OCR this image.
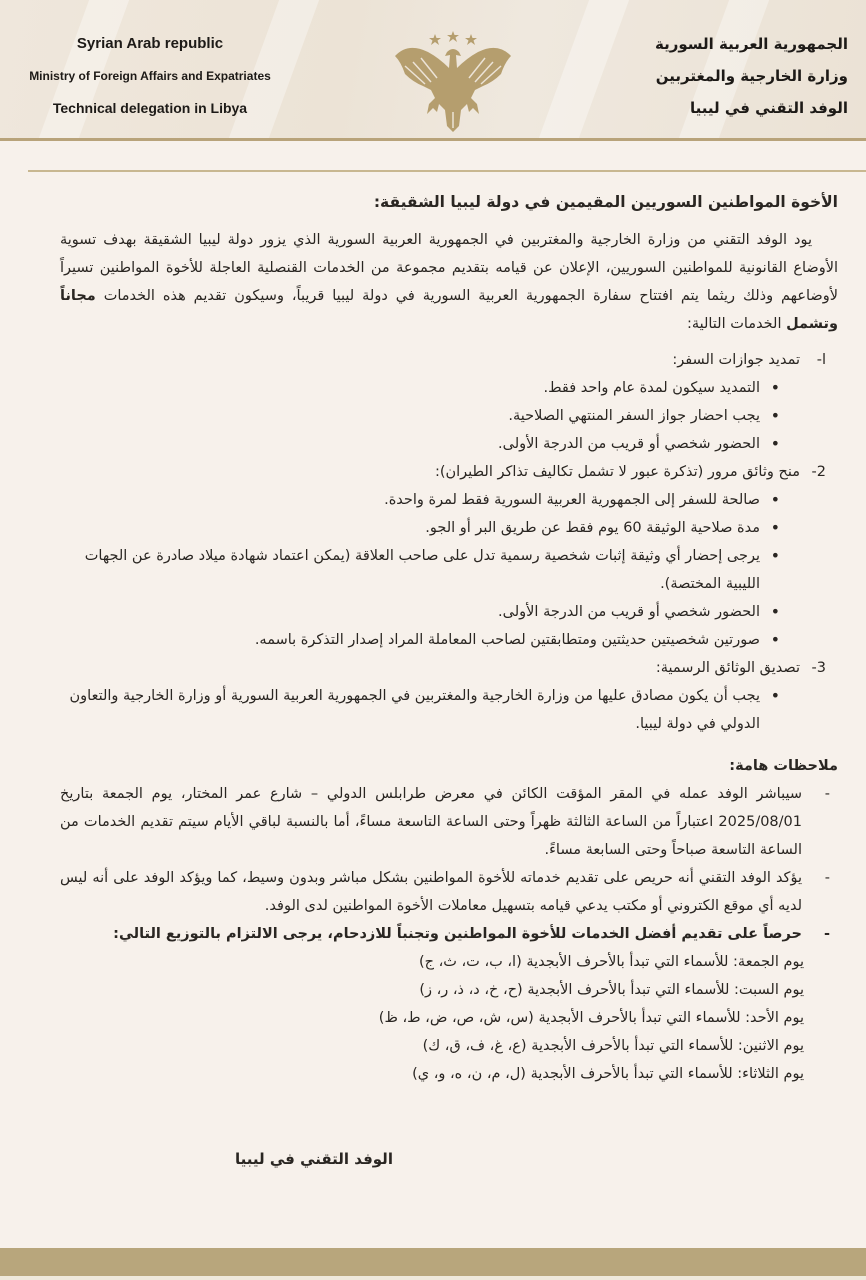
Syrian Arab republic
Ministry of Foreign Affairs and Expatriates
Technical delegation in Libya
الجمهورية العربية السورية
وزارة الخارجية والمغتربين
الوفد التقني في ليبيا
الأخوة المواطنين السوريين المقيمين في دولة ليبيا الشقيقة:
يود الوفد التقني من وزارة الخارجية والمغتربين في الجمهورية العربية السورية الذي يزور دولة ليبيا الشقيقة بهدف تسوية الأوضاع القانونية للمواطنين السوريين، الإعلان عن قيامه بتقديم مجموعة من الخدمات القنصلية العاجلة للأخوة المواطنين تسيراً لأوضاعهم وذلك ريثما يتم افتتاح سفارة الجمهورية العربية السورية في دولة ليبيا قريباً، وسيكون تقديم هذه الخدمات مجاناً وتشمل الخدمات التالية:
ا-تمديد جوازات السفر:
• التمديد سيكون لمدة عام واحد فقط.
• يجب احضار جواز السفر المنتهي الصلاحية.
• الحضور شخصي أو قريب من الدرجة الأولى.
2-منح وثائق مرور (تذكرة عبور لا تشمل تكاليف تذاكر الطيران):
• صالحة للسفر إلى الجمهورية العربية السورية فقط لمرة واحدة.
• مدة صلاحية الوثيقة 60 يوم فقط عن طريق البر أو الجو.
• يرجى إحضار أي وثيقة إثبات شخصية رسمية تدل على صاحب العلاقة (يمكن اعتماد شهادة ميلاد صادرة عن الجهات الليبية المختصة).
• الحضور شخصي أو قريب من الدرجة الأولى.
• صورتين شخصيتين حديثتين ومتطابقتين لصاحب المعاملة المراد إصدار التذكرة باسمه.
3-تصديق الوثائق الرسمية:
• يجب أن يكون مصادق عليها من وزارة الخارجية والمغتربين في الجمهورية العربية السورية أو وزارة الخارجية والتعاون الدولي في دولة ليبيا.
ملاحظات هامة:
-
سيباشر الوفد عمله في المقر المؤقت الكائن في معرض طرابلس الدولي – شارع عمر المختار، يوم الجمعة بتاريخ 2025/08/01 اعتباراً من الساعة الثالثة ظهراً وحتى الساعة التاسعة مساءً، أما بالنسبة لباقي الأيام سيتم تقديم الخدمات من الساعة التاسعة صباحاً وحتى السابعة مساءً.
-
يؤكد الوفد التقني أنه حريص على تقديم خدماته للأخوة المواطنين بشكل مباشر وبدون وسيط، كما ويؤكد الوفد على أنه ليس لديه أي موقع الكتروني أو مكتب يدعي قيامه بتسهيل معاملات الأخوة المواطنين لدى الوفد.
-
حرصاً على تقديم أفضل الخدمات للأخوة المواطنين وتجنباً للازدحام، يرجى الالتزام بالتوزيع التالي:
يوم الجمعة: للأسماء التي تبدأ بالأحرف الأبجدية (ا، ب، ت، ث، ج)
يوم السبت: للأسماء التي تبدأ بالأحرف الأبجدية (ح، خ، د، ذ، ر، ز)
يوم الأحد: للأسماء التي تبدأ بالأحرف الأبجدية (س، ش، ص، ض، ط، ظ)
يوم الاثنين: للأسماء التي تبدأ بالأحرف الأبجدية (ع، غ، ف، ق، ك)
يوم الثلاثاء: للأسماء التي تبدأ بالأحرف الأبجدية (ل، م، ن، ه، و، ي)
الوفد التقني في ليبيا
